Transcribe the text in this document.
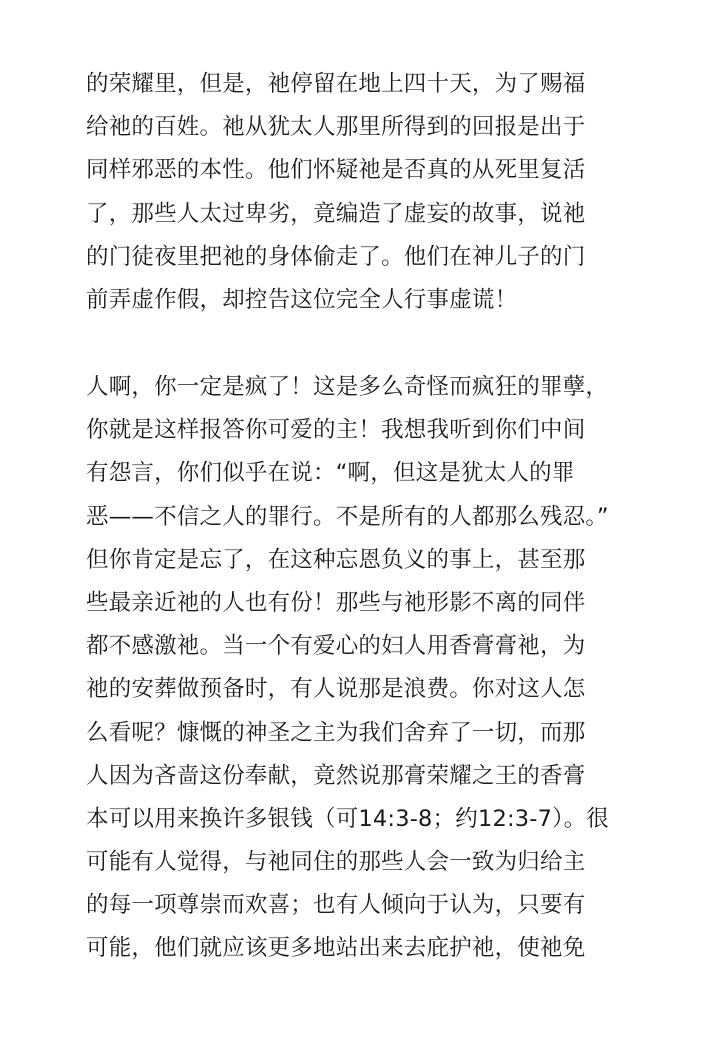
的荣耀里，但是，祂停留在地上四十天，为了赐福
给祂的百姓。祂从犹太人那里所得到的回报是出于
同样邪恶的本性。他们怀疑祂是否真的从死里复活
了，那些人太过卑劣，竟编造了虚妄的故事，说祂
的门徒夜里把祂的身体偷走了。他们在神儿子的门
前弄虚作假，却控告这位完全人行事虚谎！
人啊，你一定是疯了！这是多么奇怪而疯狂的罪孽，
你就是这样报答你可爱的主！我想我听到你们中间
有怨言，你们似乎在说：“啊，但这是犹太人的罪
恶——不信之人的罪行。不是所有的人都那么残忍。”
但你肯定是忘了，在这种忘恩负义的事上，甚至那
些最亲近祂的人也有份！那些与祂形影不离的同伴
都不感激祂。当一个有爱心的妇人用香膏膏祂，为
祂的安葬做预备时，有人说那是浪费。你对这人怎
么看呢？慷慨的神圣之主为我们舍弃了一切，而那
人因为吝啬这份奉献，竟然说那膏荣耀之王的香膏
本可以用来换许多银钱（可14:3-8；约12:3-7）。很
可能有人觉得，与祂同住的那些人会一致为归给主
的每一项尊崇而欢喜；也有人倾向于认为，只要有
可能，他们就应该更多地站出来去庇护祂，使祂免
